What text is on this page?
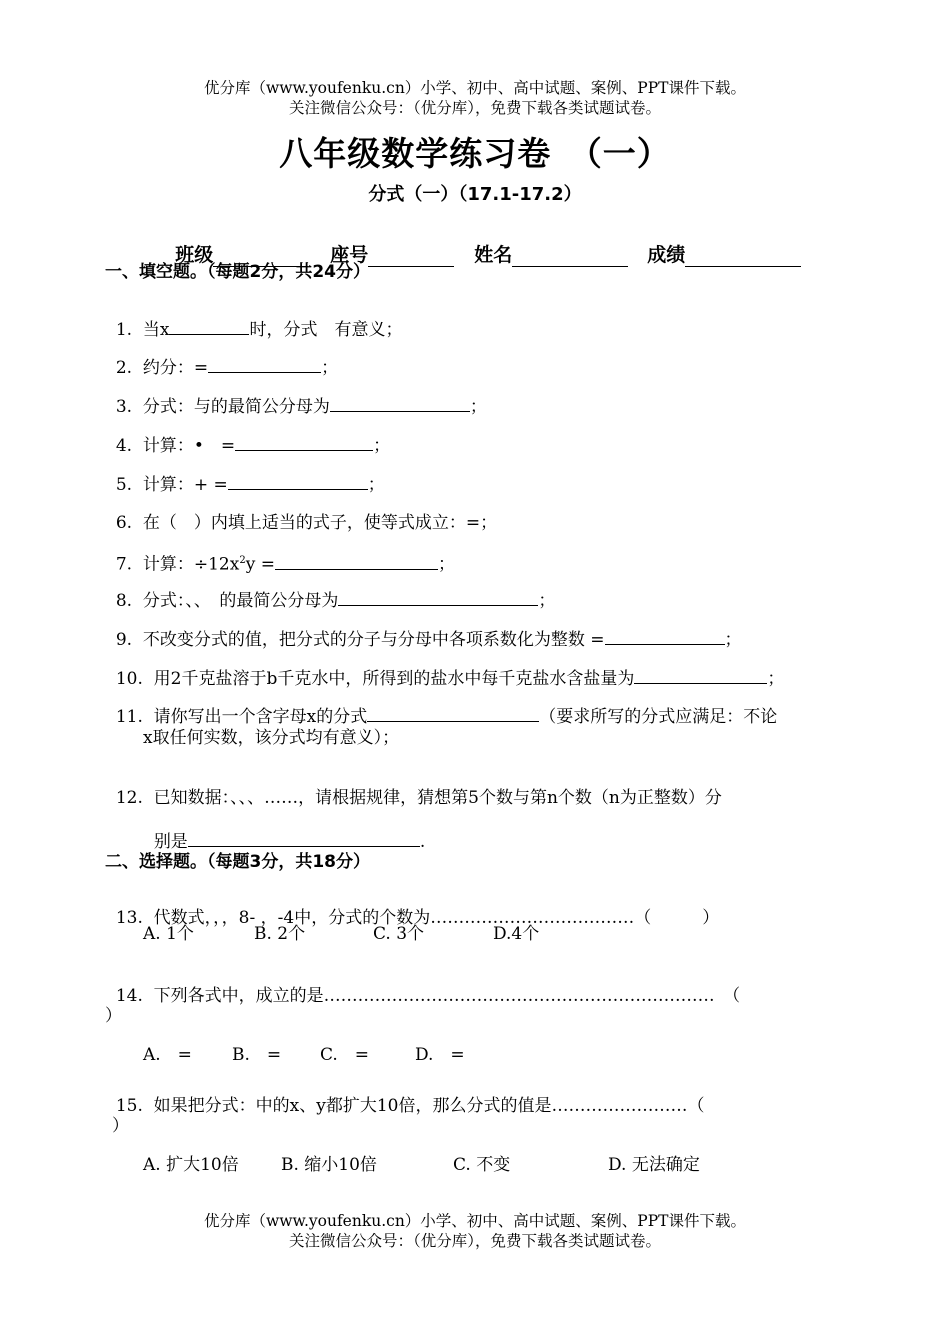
优分库（www.youfenku.cn）小学、初中、高中试题、案例、PPT课件下载。
关注微信公众号：（优分库），免费下载各类试题试卷。
八年级数学练习卷　（一）
分式（一）（17.1-17.2）

班级	座号	姓名	成绩

一、填空题。（每题2分，共24分）

1. 当x	时，分式　有意义；

2. 约分：=	；

3. 分式：与的最简公分母为	；

4. 计算：•　=	；

5. 计算：+ =	；

6. 在（　）内填上适当的式子，使等式成立：=；

7. 计算：$\div 12x^2y$ =	；

8. 分式：、、　的最简公分母为	；

9. 不改变分式的值，把分式的分子与分母中各项系数化为整数 =	；

10. 用2千克盐溶于b千克水中，所得到的盐水中每千克盐水含盐量为	；

11. 请你写出一个含字母x的分式	（要求所写的分式应满足：不论

x取任何实数，该分式均有意义）；

12. 已知数据：、、、……，请根据规律，猜想第5个数与第n个数（n为正整数）分

别是	.

二、选择题。（每题3分，共18分）

13. 代数式，，，8- ，-4中，分式的个数为………………………………（　　　）

A. 1个	B. 2个	C. 3个	D.4个

14. 下列各式中，成立的是……………………………………………………………　（

）
A.　= B.　= C.　=	D.　=

15. 如果把分式：中的x、y都扩大10倍，那么分式的值是……………………（

）
A. 扩大10倍 B. 缩小10倍	C. 不变	D. 无法确定
优分库（www.youfenku.cn）小学、初中、高中试题、案例、PPT课件下载。
关注微信公众号：（优分库），免费下载各类试题试卷。
